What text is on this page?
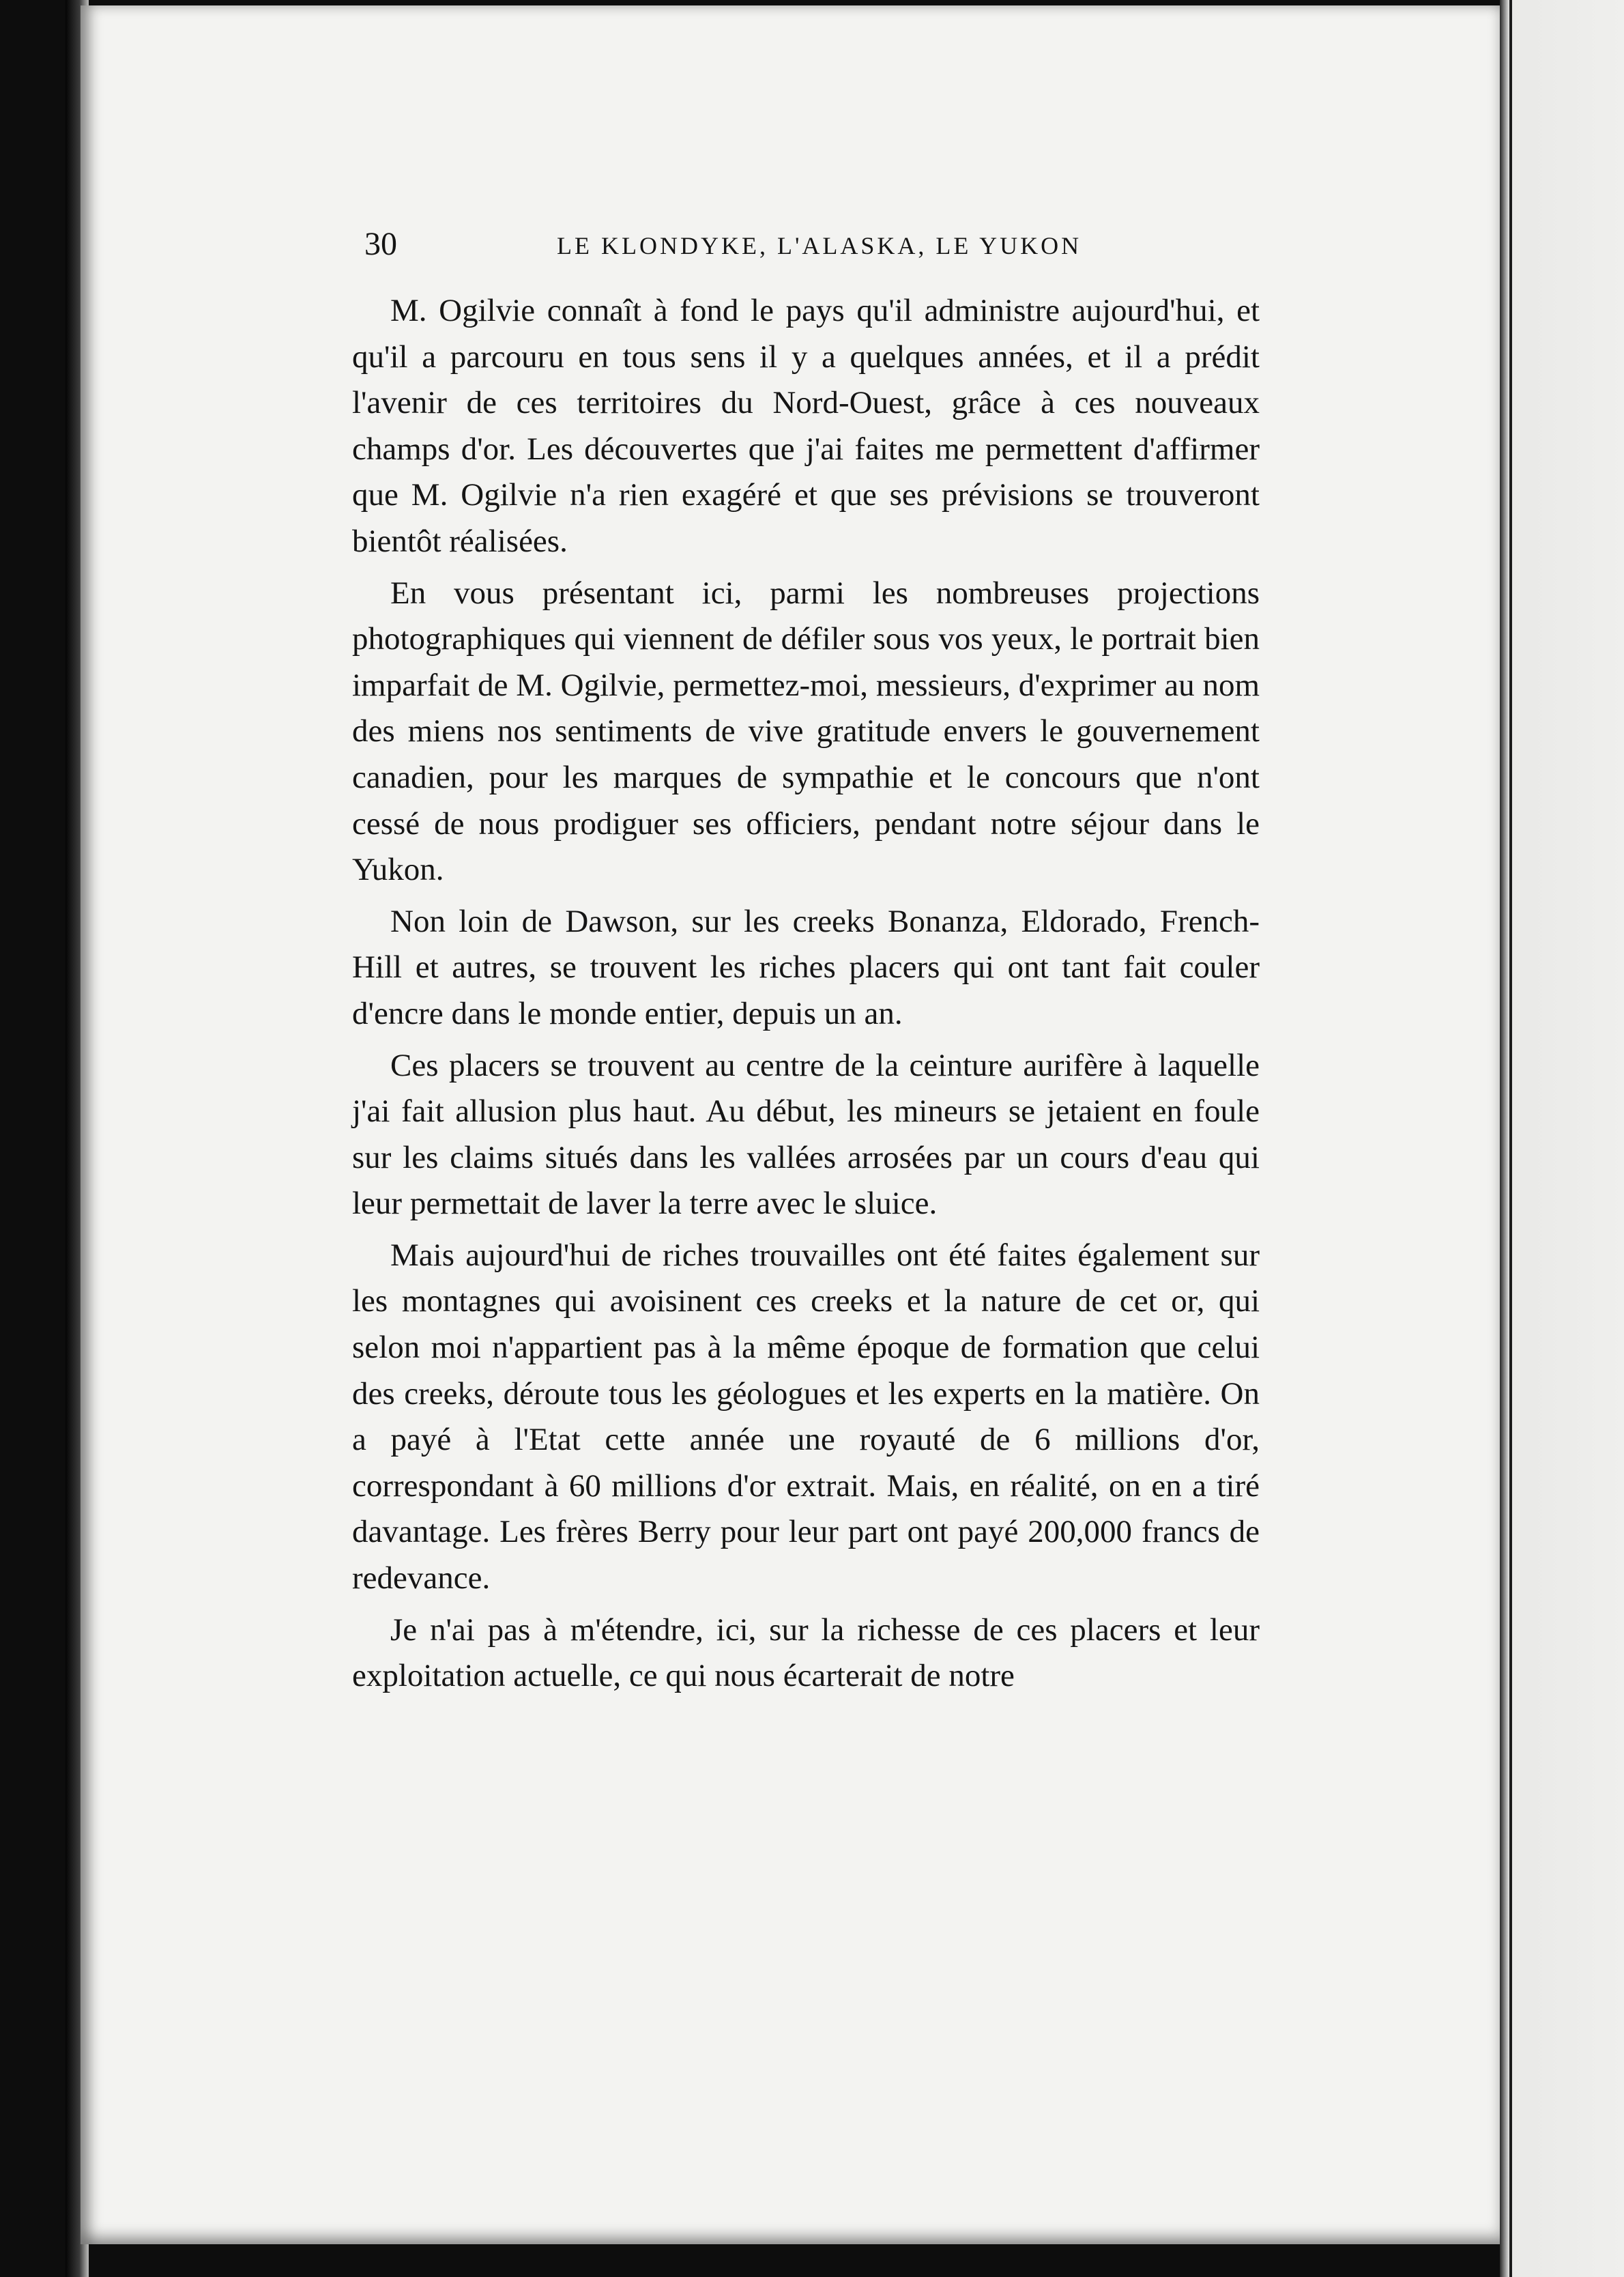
30	LE KLONDYKE, L'ALASKA, LE YUKON

M. Ogilvie connaît à fond le pays qu'il administre aujourd'hui, et qu'il a parcouru en tous sens il y a quelques années, et il a prédit l'avenir de ces territoires du Nord-Ouest, grâce à ces nouveaux champs d'or. Les découvertes que j'ai faites me permettent d'affirmer que M. Ogilvie n'a rien exagéré et que ses prévisions se trouveront bientôt réalisées.

En vous présentant ici, parmi les nombreuses projections photographiques qui viennent de défiler sous vos yeux, le portrait bien imparfait de M. Ogilvie, permettez-moi, messieurs, d'exprimer au nom des miens nos sentiments de vive gratitude envers le gouvernement canadien, pour les marques de sympathie et le concours que n'ont cessé de nous prodiguer ses officiers, pendant notre séjour dans le Yukon.

Non loin de Dawson, sur les creeks Bonanza, Eldorado, French-Hill et autres, se trouvent les riches placers qui ont tant fait couler d'encre dans le monde entier, depuis un an.

Ces placers se trouvent au centre de la ceinture aurifère à laquelle j'ai fait allusion plus haut. Au début, les mineurs se jetaient en foule sur les claims situés dans les vallées arrosées par un cours d'eau qui leur permettait de laver la terre avec le sluice.

Mais aujourd'hui de riches trouvailles ont été faites également sur les montagnes qui avoisinent ces creeks et la nature de cet or, qui selon moi n'appartient pas à la même époque de formation que celui des creeks, déroute tous les géologues et les experts en la matière. On a payé à l'Etat cette année une royauté de 6 millions d'or, correspondant à 60 millions d'or extrait. Mais, en réalité, on en a tiré davantage. Les frères Berry pour leur part ont payé 200,000 francs de redevance.

Je n'ai pas à m'étendre, ici, sur la richesse de ces placers et leur exploitation actuelle, ce qui nous écarterait de notre
